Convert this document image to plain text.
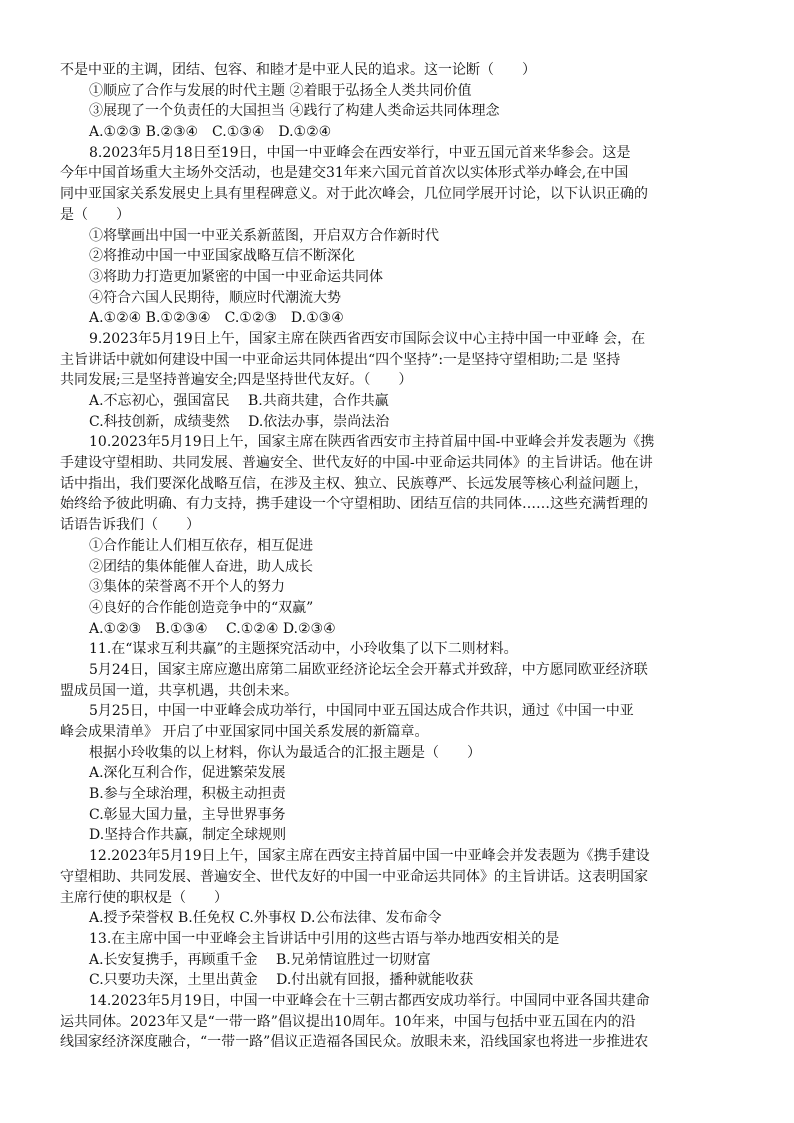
不是中亚的主调，团结、包容、和睦才是中亚人民的追求。这一论断（　　）
①顺应了合作与发展的时代主题 ②着眼于弘扬全人类共同价值
③展现了一个负责任的大国担当 ④践行了构建人类命运共同体理念
A.①②③ B.②③④　C.①③④　D.①②④
8.2023年5月18日至19日，中国一中亚峰会在西安举行，中亚五国元首来华参会。这是
今年中国首场重大主场外交活动，也是建交31年来六国元首首次以实体形式举办峰会,在中国
同中亚国家关系发展史上具有里程碑意义。对于此次峰会，几位同学展开讨论，以下认识正确的
是（　　）
①将擘画出中国一中亚关系新蓝图，开启双方合作新时代
②将推动中国一中亚国家战略互信不断深化
③将助力打造更加紧密的中国一中亚命运共同体
④符合六国人民期待，顺应时代潮流大势
A.①②④ B.①②③④　C.①②③　D.①③④
9.2023年5月19日上午，国家主席在陕西省西安市国际会议中心主持中国一中亚峰 会，在
主旨讲话中就如何建设中国一中亚命运共同体提出“四个坚持”:一是坚持守望相助;二是 坚持
共同发展;三是坚持普遍安全;四是坚持世代友好。（　　）
A.不忘初心，强国富民　 B.共商共建，合作共赢
C.科技创新，成绩斐然　 D.依法办事，崇尚法治
10.2023年5月19日上午，国家主席在陕西省西安市主持首届中国-中亚峰会并发表题为《携
手建设守望相助、共同发展、普遍安全、世代友好的中国-中亚命运共同体》的主旨讲话。他在讲
话中指出，我们要深化战略互信，在涉及主权、独立、民族尊严、长远发展等核心利益问题上，
始终给予彼此明确、有力支持，携手建设一个守望相助、团结互信的共同体……这些充满哲理的
话语告诉我们（　　）
①合作能让人们相互依存，相互促进
②团结的集体能催人奋进，助人成长
③集体的荣誉离不开个人的努力
④良好的合作能创造竞争中的“双赢”
A.①②③　B.①③④　 C.①②④ D.②③④
11.在“谋求互利共赢”的主题探究活动中，小玲收集了以下二则材料。
5月24日，国家主席应邀出席第二届欧亚经济论坛全会开幕式并致辞，中方愿同欧亚经济联
盟成员国一道，共享机遇，共创未来。
5月25日，中国一中亚峰会成功举行，中国同中亚五国达成合作共识，通过《中国一中亚
峰会成果清单》 开启了中亚国家同中国关系发展的新篇章。
根据小玲收集的以上材料，你认为最适合的汇报主题是（　　）
A.深化互利合作，促进繁荣发展
B.参与全球治理，积极主动担责
C.彰显大国力量，主导世界事务
D.坚持合作共赢，制定全球规则
12.2023年5月19日上午，国家主席在西安主持首届中国一中亚峰会并发表题为《携手建设
守望相助、共同发展、普遍安全、世代友好的中国一中亚命运共同体》的主旨讲话。这表明国家
主席行使的职权是（　　）
A.授予荣誉权 B.任免权 C.外事权 D.公布法律、发布命令
13.在主席中国一中亚峰会主旨讲话中引用的这些古语与举办地西安相关的是
A.长安复携手，再顾重千金　 B.兄弟情谊胜过一切财富
C.只要功夫深，土里出黄金　 D.付出就有回报，播种就能收获
14.2023年5月19日，中国一中亚峰会在十三朝古都西安成功举行。中国同中亚各国共建命
运共同体。2023年又是“一带一路”倡议提出10周年。10年来，中国与包括中亚五国在内的沿
线国家经济深度融合，“一带一路”倡议正造福各国民众。放眼未来，沿线国家也将进一步推进农
